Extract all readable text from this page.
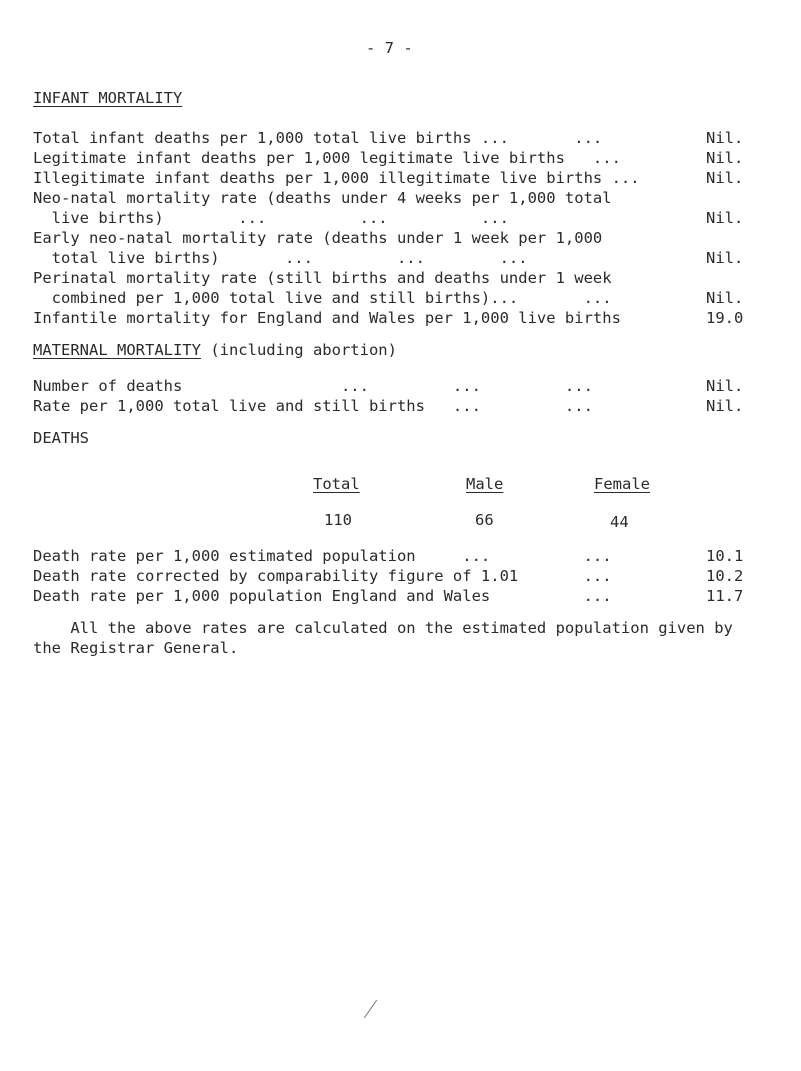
- 7 -
INFANT MORTALITY
Total infant deaths per 1,000 total live births ...       ...	Nil.
Legitimate infant deaths per 1,000 legitimate live births   ...	Nil.
Illegitimate infant deaths per 1,000 illegitimate live births ...	Nil.
Neo-natal mortality rate (deaths under 4 weeks per 1,000 total
live births)        ...          ...          ...	Nil.
Early neo-natal mortality rate (deaths under 1 week per 1,000
total live births)       ...         ...        ...	Nil.
Perinatal mortality rate (still births and deaths under 1 week
combined per 1,000 total live and still births)...       ...	Nil.
Infantile mortality for England and Wales per 1,000 live births	19.0
MATERNAL MORTALITY (including abortion)
Number of deaths                 ...         ...         ...	Nil.
Rate per 1,000 total live and still births   ...         ...	Nil.
DEATHS
Total	Male	Female
110	66	44
Death rate per 1,000 estimated population     ...          ...	10.1
Death rate corrected by comparability figure of 1.01       ...	10.2
Death rate per 1,000 population England and Wales          ...	11.7
All the above rates are calculated on the estimated population given by
the Registrar General.
